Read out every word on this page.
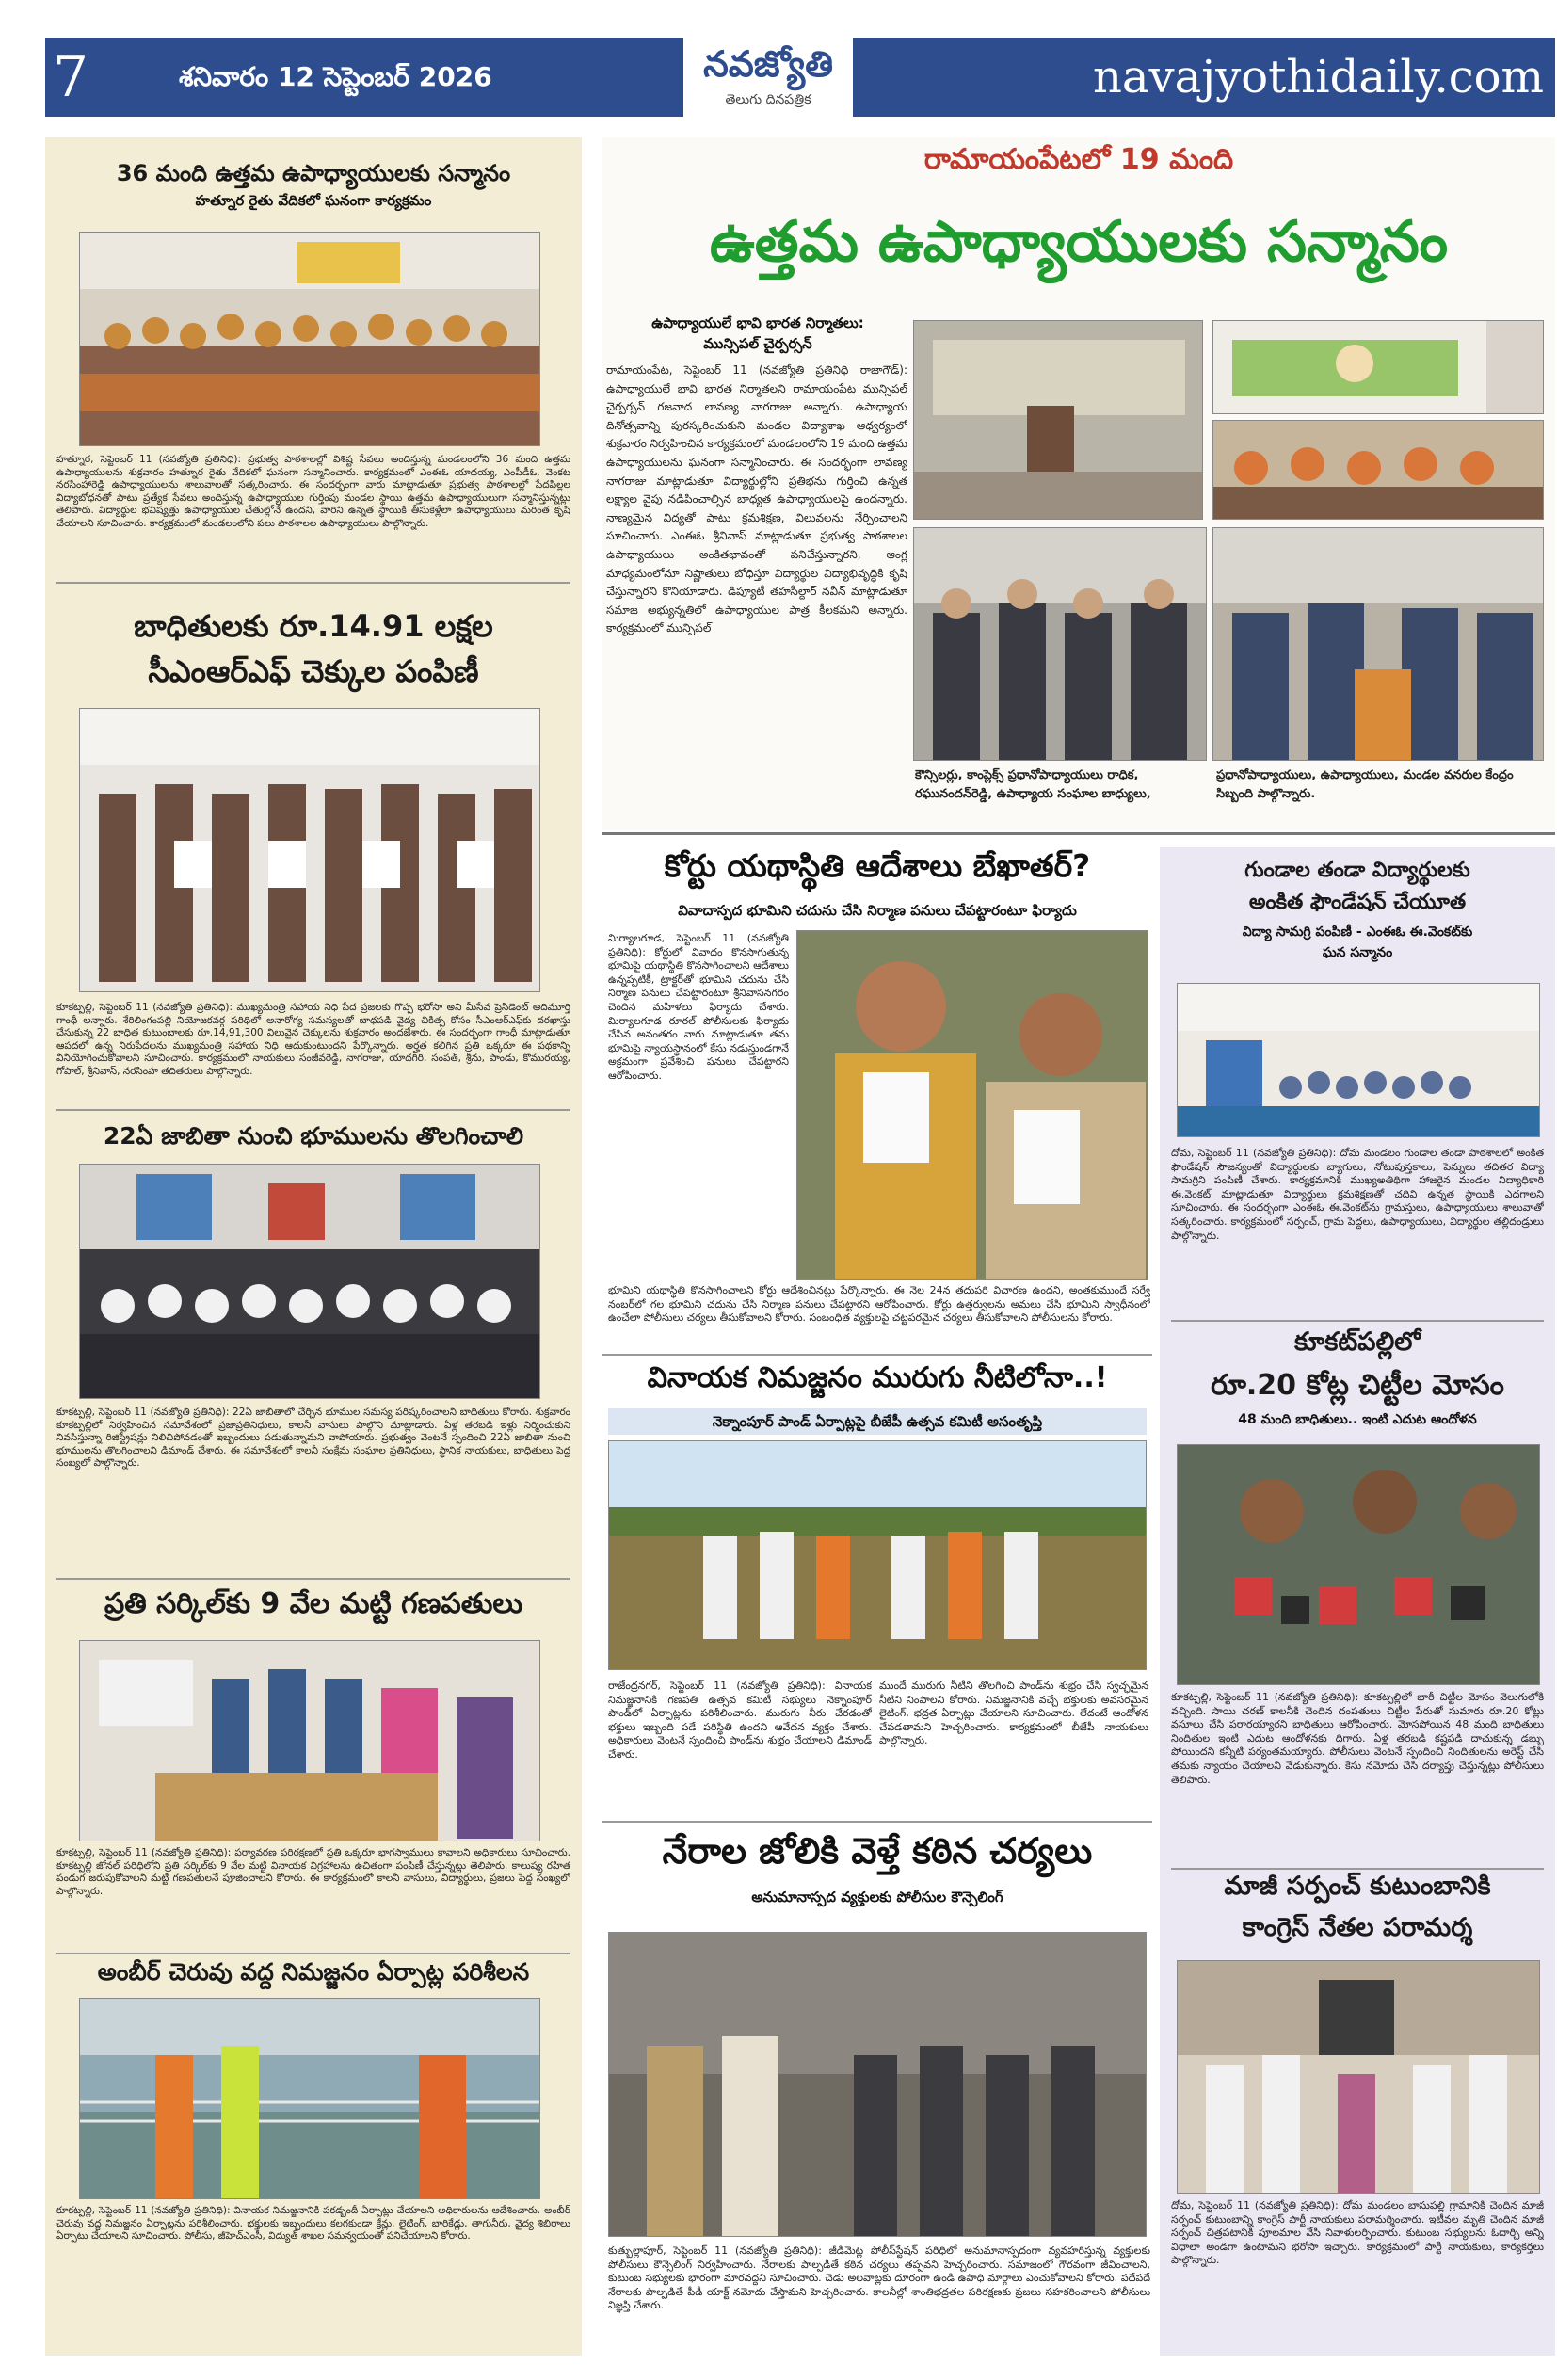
7	శనివారం 12 సెప్టెంబర్ 2026	నవజ్యోతి
తెలుగు దినపత్రిక	navajyothidaily.com
36 మంది ఉత్తమ ఉపాధ్యాయులకు సన్మానం
హత్నూర రైతు వేదికలో ఘనంగా కార్యక్రమం
హత్నూర, సెప్టెంబర్ 11 (నవజ్యోతి ప్రతినిధి): ప్రభుత్వ పాఠశాలల్లో విశిష్ట సేవలు అందిస్తున్న మండలంలోని 36 మంది ఉత్తమ ఉపాధ్యాయులను శుక్రవారం హత్నూర రైతు వేదికలో ఘనంగా సన్మానించారు. కార్యక్రమంలో ఎంఈఓ యాదయ్య, ఎంపీడీఓ, వెంకట నరసింహారెడ్డి ఉపాధ్యాయులను శాలువాలతో సత్కరించారు. ఈ సందర్భంగా వారు మాట్లాడుతూ ప్రభుత్వ పాఠశాలల్లో పేదపిల్లల విద్యాబోధనతో పాటు ప్రత్యేక సేవలు అందిస్తున్న ఉపాధ్యాయుల గుర్తింపు మండల స్థాయి ఉత్తమ ఉపాధ్యాయులుగా సన్మానిస్తున్నట్లు తెలిపారు. విద్యార్థుల భవిష్యత్తు ఉపాధ్యాయుల చేతుల్లోనే ఉందని, వారిని ఉన్నత స్థాయికి తీసుకెళ్లేలా ఉపాధ్యాయులు మరింత కృషి చేయాలని సూచించారు. కార్యక్రమంలో మండలంలోని పలు పాఠశాలల ఉపాధ్యాయులు పాల్గొన్నారు.
బాధితులకు రూ.14.91 లక్షల
సీఎంఆర్ఎఫ్ చెక్కుల పంపిణీ
కూకట్పల్లి, సెప్టెంబర్ 11 (నవజ్యోతి ప్రతినిధి): ముఖ్యమంత్రి సహాయ నిధి పేద ప్రజలకు గొప్ప భరోసా అని మీసేవ ప్రెసిడెంట్ ఆదిమూర్తి గాంధీ అన్నారు. శేరిలింగంపల్లి నియోజకవర్గ పరిధిలో అనారోగ్య సమస్యలతో బాధపడి వైద్య చికిత్స కోసం సీఎంఆర్ఎఫ్‌కు దరఖాస్తు చేసుకున్న 22 బాధిత కుటుంబాలకు రూ.14,91,300 విలువైన చెక్కులను శుక్రవారం అందజేశారు. ఈ సందర్భంగా గాంధీ మాట్లాడుతూ ఆపదలో ఉన్న నిరుపేదలను ముఖ్యమంత్రి సహాయ నిధి ఆదుకుంటుందని పేర్కొన్నారు. అర్హత కలిగిన ప్రతి ఒక్కరూ ఈ పథకాన్ని వినియోగించుకోవాలని సూచించారు. కార్యక్రమంలో నాయకులు సంజీవరెడ్డి, నాగరాజు, యాదగిరి, సంపత్, శ్రీను, పాండు, కొమురయ్య, గోపాల్, శ్రీనివాస్, నరసింహ తదితరులు పాల్గొన్నారు.
22ఏ జాబితా నుంచి భూములను తొలగించాలి
కూకట్పల్లి, సెప్టెంబర్ 11 (నవజ్యోతి ప్రతినిధి): 22ఏ జాబితాలో చేర్చిన భూముల సమస్య పరిష్కరించాలని బాధితులు కోరారు. శుక్రవారం కూకట్పల్లిలో నిర్వహించిన సమావేశంలో ప్రజాప్రతినిధులు, కాలనీ వాసులు పాల్గొని మాట్లాడారు. ఏళ్ల తరబడి ఇళ్లు నిర్మించుకుని నివసిస్తున్నా రిజిస్ట్రేషన్లు నిలిచిపోవడంతో ఇబ్బందులు పడుతున్నామని వాపోయారు. ప్రభుత్వం వెంటనే స్పందించి 22ఏ జాబితా నుంచి భూములను తొలగించాలని డిమాండ్ చేశారు. ఈ సమావేశంలో కాలనీ సంక్షేమ సంఘాల ప్రతినిధులు, స్థానిక నాయకులు, బాధితులు పెద్ద సంఖ్యలో పాల్గొన్నారు.
ప్రతి సర్కిల్‌కు 9 వేల మట్టి గణపతులు
కూకట్పల్లి, సెప్టెంబర్ 11 (నవజ్యోతి ప్రతినిధి): పర్యావరణ పరిరక్షణలో ప్రతి ఒక్కరూ భాగస్వాములు కావాలని అధికారులు సూచించారు. కూకట్పల్లి జోనల్ పరిధిలోని ప్రతి సర్కిల్‌కు 9 వేల మట్టి వినాయక విగ్రహాలను ఉచితంగా పంపిణీ చేస్తున్నట్లు తెలిపారు. కాలుష్య రహిత పండుగ జరుపుకోవాలని మట్టి గణపతులనే పూజించాలని కోరారు. ఈ కార్యక్రమంలో కాలనీ వాసులు, విద్యార్థులు, ప్రజలు పెద్ద సంఖ్యలో పాల్గొన్నారు.
అంబీర్ చెరువు వద్ద నిమజ్జనం ఏర్పాట్ల పరిశీలన
కూకట్పల్లి, సెప్టెంబర్ 11 (నవజ్యోతి ప్రతినిధి): వినాయక నిమజ్జనానికి పకడ్బందీ ఏర్పాట్లు చేయాలని అధికారులను ఆదేశించారు. అంబీర్ చెరువు వద్ద నిమజ్జనం ఏర్పాట్లను పరిశీలించారు. భక్తులకు ఇబ్బందులు కలగకుండా క్రేన్లు, లైటింగ్, బారికేడ్లు, తాగునీరు, వైద్య శిబిరాలు ఏర్పాటు చేయాలని సూచించారు. పోలీసు, జీహెచ్ఎంసీ, విద్యుత్ శాఖల సమన్వయంతో పనిచేయాలని కోరారు.
రామాయంపేటలో 19 మంది
ఉత్తమ ఉపాధ్యాయులకు సన్మానం
ఉపాధ్యాయులే భావి భారత నిర్మాతలు:
మున్సిపల్ చైర్పర్సన్
రామాయంపేట, సెప్టెంబర్ 11 (నవజ్యోతి ప్రతినిధి రాజాగౌడ్): ఉపాధ్యాయులే భావి భారత నిర్మాతలని రామాయంపేట మున్సిపల్ చైర్పర్సన్ గజవాద లావణ్య నాగరాజు అన్నారు. ఉపాధ్యాయ దినోత్సవాన్ని పురస్కరించుకుని మండల విద్యాశాఖ ఆధ్వర్యంలో శుక్రవారం నిర్వహించిన కార్యక్రమంలో మండలంలోని 19 మంది ఉత్తమ ఉపాధ్యాయులను ఘనంగా సన్మానించారు. ఈ సందర్భంగా లావణ్య నాగరాజు మాట్లాడుతూ విద్యార్థుల్లోని ప్రతిభను గుర్తించి ఉన్నత లక్ష్యాల వైపు నడిపించాల్సిన బాధ్యత ఉపాధ్యాయులపై ఉందన్నారు. నాణ్యమైన విద్యతో పాటు క్రమశిక్షణ, విలువలను నేర్పించాలని సూచించారు. ఎంఈఓ శ్రీనివాస్ మాట్లాడుతూ ప్రభుత్వ పాఠశాలల ఉపాధ్యాయులు అంకితభావంతో పనిచేస్తున్నారని, ఆంగ్ల మాధ్యమంలోనూ నిష్ణాతులు బోధిస్తూ విద్యార్థుల విద్యాభివృద్ధికి కృషి చేస్తున్నారని కొనియాడారు. డిప్యూటీ తహసీల్దార్ నవీన్ మాట్లాడుతూ సమాజ అభ్యున్నతిలో ఉపాధ్యాయుల పాత్ర కీలకమని అన్నారు. కార్యక్రమంలో మున్సిపల్
కౌన్సిలర్లు, కాంప్లెక్స్ ప్రధానోపాధ్యాయులు రాధిక, రఘునందన్‌రెడ్డి, ఉపాధ్యాయ సంఘాల బాధ్యులు,
ప్రధానోపాధ్యాయులు, ఉపాధ్యాయులు, మండల వనరుల కేంద్రం సిబ్బంది పాల్గొన్నారు.
కోర్టు యథాస్థితి ఆదేశాలు బేఖాతర్?
వివాదాస్పద భూమిని చదును చేసి నిర్మాణ పనులు చేపట్టారంటూ ఫిర్యాదు
మిర్యాలగూడ, సెప్టెంబర్ 11 (నవజ్యోతి ప్రతినిధి): కోర్టులో వివాదం కొనసాగుతున్న భూమిపై యథాస్థితి కొనసాగించాలని ఆదేశాలు ఉన్నప్పటికీ, ట్రాక్టర్‌తో భూమిని చదును చేసి నిర్మాణ పనులు చేపట్టారంటూ శ్రీనివాసనగరం చెందిన మహిళలు ఫిర్యాదు చేశారు. మిర్యాలగూడ రూరల్ పోలీసులకు ఫిర్యాదు చేసిన అనంతరం వారు మాట్లాడుతూ తమ భూమిపై న్యాయస్థానంలో కేసు నడుస్తుండగానే అక్రమంగా ప్రవేశించి పనులు చేపట్టారని ఆరోపించారు.
భూమిని యథాస్థితి కొనసాగించాలని కోర్టు ఆదేశించినట్లు పేర్కొన్నారు. ఈ నెల 24న తదుపరి విచారణ ఉందని, అంతకుముందే సర్వే నంబర్‌లో గల భూమిని చదును చేసి నిర్మాణ పనులు చేపట్టారని ఆరోపించారు. కోర్టు ఉత్తర్వులను అమలు చేసి భూమిని స్వాధీనంలో ఉంచేలా పోలీసులు చర్యలు తీసుకోవాలని కోరారు. సంబంధిత వ్యక్తులపై చట్టపరమైన చర్యలు తీసుకోవాలని పోలీసులను కోరారు.
వినాయక నిమజ్జనం మురుగు నీటిలోనా..!
నెక్నాంపూర్ పాండ్ ఏర్పాట్లపై బీజేపీ ఉత్సవ కమిటీ అసంతృప్తి
రాజేంద్రనగర్, సెప్టెంబర్ 11 (నవజ్యోతి ప్రతినిధి): వినాయక నిమజ్జనానికి గణపతి ఉత్సవ కమిటీ సభ్యులు నెక్నాంపూర్ పాండ్‌లో ఏర్పాట్లను పరిశీలించారు. మురుగు నీరు చేరడంతో భక్తులు ఇబ్బంది పడే పరిస్థితి ఉందని ఆవేదన వ్యక్తం చేశారు. అధికారులు వెంటనే స్పందించి పాండ్‌ను శుభ్రం చేయాలని డిమాండ్ చేశారు.
ముందే మురుగు నీటిని తొలగించి పాండ్‌ను శుభ్రం చేసి స్వచ్ఛమైన నీటిని నింపాలని కోరారు. నిమజ్జనానికి వచ్చే భక్తులకు అవసరమైన లైటింగ్, భద్రత ఏర్పాట్లు చేయాలని సూచించారు. లేదంటే ఆందోళన చేపడతామని హెచ్చరించారు. కార్యక్రమంలో బీజేపీ నాయకులు పాల్గొన్నారు.
నేరాల జోలికి వెళ్తే కఠిన చర్యలు
అనుమానాస్పద వ్యక్తులకు పోలీసుల కౌన్సెలింగ్
కుత్బుల్లాపూర్, సెప్టెంబర్ 11 (నవజ్యోతి ప్రతినిధి): జీడిమెట్ల పోలీస్‌స్టేషన్ పరిధిలో అనుమానాస్పదంగా వ్యవహరిస్తున్న వ్యక్తులకు పోలీసులు కౌన్సెలింగ్ నిర్వహించారు. నేరాలకు పాల్పడితే కఠిన చర్యలు తప్పవని హెచ్చరించారు. సమాజంలో గౌరవంగా జీవించాలని, కుటుంబ సభ్యులకు భారంగా మారవద్దని సూచించారు. చెడు అలవాట్లకు దూరంగా ఉండి ఉపాధి మార్గాలు ఎంచుకోవాలని కోరారు. పదేపదే నేరాలకు పాల్పడితే పీడీ యాక్ట్ నమోదు చేస్తామని హెచ్చరించారు. కాలనీల్లో శాంతిభద్రతల పరిరక్షణకు ప్రజలు సహకరించాలని పోలీసులు విజ్ఞప్తి చేశారు.
గుండాల తండా విద్యార్థులకు
అంకిత ఫౌండేషన్ చేయూత
విద్యా సామగ్రి పంపిణీ - ఎంఈఓ ఈ.వెంకట్‌కు
ఘన సన్మానం
దోమ, సెప్టెంబర్ 11 (నవజ్యోతి ప్రతినిధి): దోమ మండలం గుండాల తండా పాఠశాలలో అంకిత ఫౌండేషన్ సౌజన్యంతో విద్యార్థులకు బ్యాగులు, నోటుపుస్తకాలు, పెన్నులు తదితర విద్యా సామగ్రిని పంపిణీ చేశారు. కార్యక్రమానికి ముఖ్యఅతిథిగా హాజరైన మండల విద్యాధికారి ఈ.వెంకట్ మాట్లాడుతూ విద్యార్థులు క్రమశిక్షణతో చదివి ఉన్నత స్థాయికి ఎదగాలని సూచించారు. ఈ సందర్భంగా ఎంఈఓ ఈ.వెంకట్‌ను గ్రామస్తులు, ఉపాధ్యాయులు శాలువాతో సత్కరించారు. కార్యక్రమంలో సర్పంచ్, గ్రామ పెద్దలు, ఉపాధ్యాయులు, విద్యార్థుల తల్లిదండ్రులు పాల్గొన్నారు.
కూకట్‌పల్లిలో
రూ.20 కోట్ల చిట్టీల మోసం
48 మంది బాధితులు.. ఇంటి ఎదుట ఆందోళన
కూకట్పల్లి, సెప్టెంబర్ 11 (నవజ్యోతి ప్రతినిధి): కూకట్పల్లిలో భారీ చిట్టీల మోసం వెలుగులోకి వచ్చింది. సాయి చరణ్ కాలనీకి చెందిన దంపతులు చిట్టీల పేరుతో సుమారు రూ.20 కోట్లు వసూలు చేసి పరారయ్యారని బాధితులు ఆరోపించారు. మోసపోయిన 48 మంది బాధితులు నిందితుల ఇంటి ఎదుట ఆందోళనకు దిగారు. ఏళ్ల తరబడి కష్టపడి దాచుకున్న డబ్బు పోయిందని కన్నీటి పర్యంతమయ్యారు. పోలీసులు వెంటనే స్పందించి నిందితులను అరెస్ట్ చేసి తమకు న్యాయం చేయాలని వేడుకున్నారు. కేసు నమోదు చేసి దర్యాప్తు చేస్తున్నట్లు పోలీసులు తెలిపారు.
మాజీ సర్పంచ్ కుటుంబానికి
కాంగ్రెస్ నేతల పరామర్శ
దోమ, సెప్టెంబర్ 11 (నవజ్యోతి ప్రతినిధి): దోమ మండలం బాసుపల్లి గ్రామానికి చెందిన మాజీ సర్పంచ్ కుటుంబాన్ని కాంగ్రెస్ పార్టీ నాయకులు పరామర్శించారు. ఇటీవల మృతి చెందిన మాజీ సర్పంచ్ చిత్రపటానికి పూలమాల వేసి నివాళులర్పించారు. కుటుంబ సభ్యులను ఓదార్చి అన్ని విధాలా అండగా ఉంటామని భరోసా ఇచ్చారు. కార్యక్రమంలో పార్టీ నాయకులు, కార్యకర్తలు పాల్గొన్నారు.
